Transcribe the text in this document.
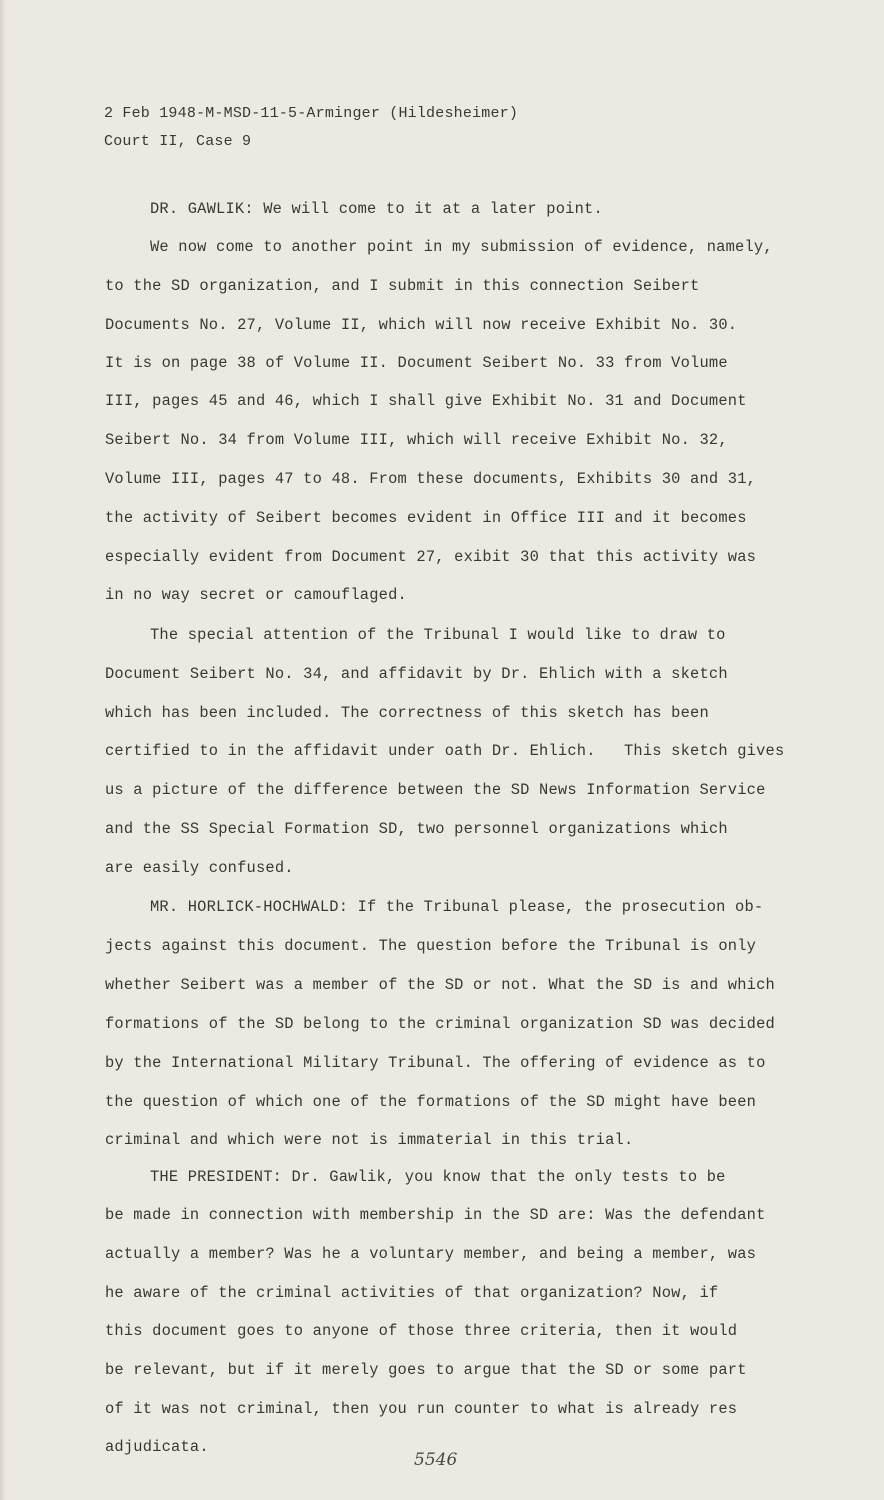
2 Feb 1948-M-MSD-11-5-Arminger (Hildesheimer)
Court II, Case 9
DR. GAWLIK: We will come to it at a later point.
We now come to another point in my submission of evidence, namely,
to the SD organization, and I submit in this connection Seibert
Documents No. 27, Volume II, which will now receive Exhibit No. 30.
It is on page 38 of Volume II. Document Seibert No. 33 from Volume
III, pages 45 and 46, which I shall give Exhibit No. 31 and Document
Seibert No. 34 from Volume III, which will receive Exhibit No. 32,
Volume III, pages 47 to 48. From these documents, Exhibits 30 and 31,
the activity of Seibert becomes evident in Office III and it becomes
especially evident from Document 27, exibit 30 that this activity was
in no way secret or camouflaged.
The special attention of the Tribunal I would like to draw to
Document Seibert No. 34, and affidavit by Dr. Ehlich with a sketch
which has been included. The correctness of this sketch has been
certified to in the affidavit under oath Dr. Ehlich.   This sketch gives
us a picture of the difference between the SD News Information Service
and the SS Special Formation SD, two personnel organizations which
are easily confused.
MR. HORLICK-HOCHWALD: If the Tribunal please, the prosecution ob-
jects against this document. The question before the Tribunal is only
whether Seibert was a member of the SD or not. What the SD is and which
formations of the SD belong to the criminal organization SD was decided
by the International Military Tribunal. The offering of evidence as to
the question of which one of the formations of the SD might have been
criminal and which were not is immaterial in this trial.
THE PRESIDENT: Dr. Gawlik, you know that the only tests to be
be made in connection with membership in the SD are: Was the defendant
actually a member? Was he a voluntary member, and being a member, was
he aware of the criminal activities of that organization? Now, if
this document goes to anyone of those three criteria, then it would
be relevant, but if it merely goes to argue that the SD or some part
of it was not criminal, then you run counter to what is already res
adjudicata.
5546
